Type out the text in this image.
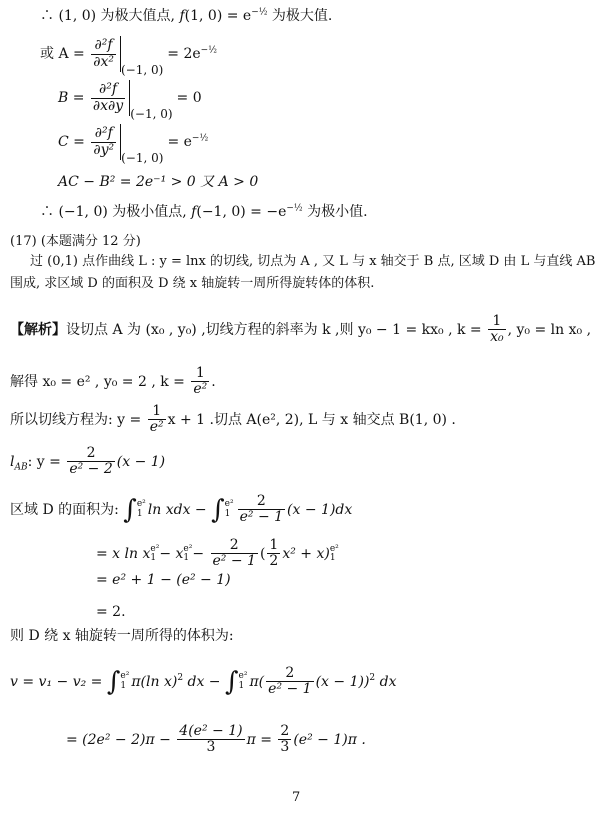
∴ (1, 0) 为极大值点, f(1, $0) = e^{-\frac{1}{2}}$ 为极大值.
或 $A = \frac{\text{∂²f}}{\text{∂x²}}$
(−1, $0)= 2e^{-\frac{1}{2}}$
$B = \frac{\text{∂²f}}{\partial x\partial y}$
(−1, 0)= 0
$C = \frac{\text{∂²f}}{\text{∂y²}}$
(−1, $0)= e^{-\frac{1}{2}}$
AC − B² = 2e⁻¹ > 0 又 A > 0
∴ (−1, 0) 为极小值点, f(−1, $0) = -e^{-\frac{1}{2}}$ 为极小值.
(17) (本题满分 12 分)
过 (0,1) 点作曲线 L : y = lnx 的切线, 切点为 A , 又 L 与 x 轴交于 B 点, 区域 D 由 L 与直线 AB
围成, 求区域 D 的面积及 D 绕 x 轴旋转一周所得旋转体的体积.
【解析】设切点 A 为 (x₀ , y₀) ,切线方程的斜率为 k ,则 y₀ − 1 = kx₀ , $k = \frac{1}{\text{x₀}}$ , y₀ = ln x₀ ,
解得 x₀ = e² , y₀ = 2 , $k = \frac{1}{\text{e²}}$ .
所以切线方程为: $y = \frac{1}{\text{e²}}$ x + 1 .切点 A(e², 2), L 与 x 轴交点 B(1, 0) .
$l_{AB}$: $y = \frac{2}{\text{e² − 2}} (x - 1)$
区域 D 的面积为: ∫ e²
1 ln xdx − ∫ e²
$1 \frac{2}{\text{e² − 1}} (x - 1)dx$
= x ln x e²
1 − x e²
$1 - \frac{2}{\text{e² − 1}}$ ( $\frac{1}{2} x^2 + x$) e²
1
= e² + 1 − (e² − 1)
= 2.
则 D 绕 x 轴旋转一周所得的体积为:
v = v₁ − v₂ = ∫ e²
1 π(ln x)$^2$ dx − ∫ e²
1 $\pi( \frac{2}{\text{e² − 1}} (x - 1))^2$ dx
= $(2e^2 - 2)\pi - \frac{\text{4(e² − 1)}}{3}$ $\pi = \frac{2}{3} (e^2 - 1)\pi$ .
7
